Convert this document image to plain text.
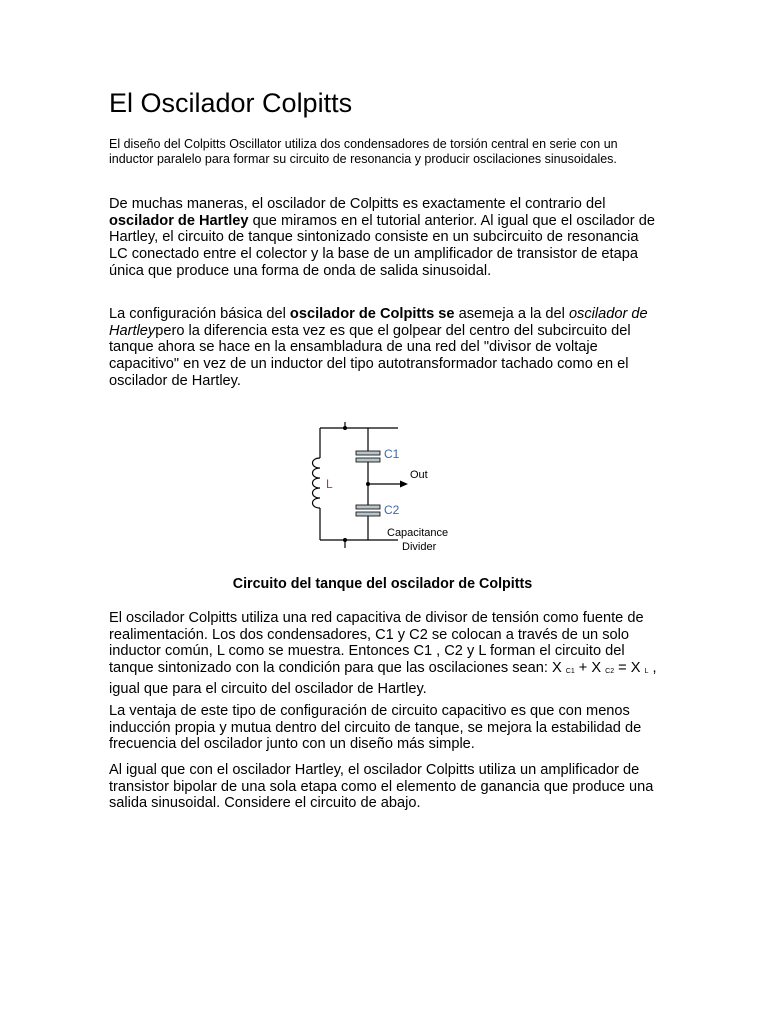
El Oscilador Colpitts

El diseño del Colpitts Oscillator utiliza dos condensadores de torsión central en serie con un inductor paralelo para formar su circuito de resonancia y producir oscilaciones sinusoidales.

De muchas maneras, el oscilador de Colpitts es exactamente el contrario del oscilador de Hartley que miramos en el tutorial anterior. Al igual que el oscilador de Hartley, el circuito de tanque sintonizado consiste en un subcircuito de resonancia LC conectado entre el colector y la base de un amplificador de transistor de etapa única que produce una forma de onda de salida sinusoidal.

La configuración básica del oscilador de Colpitts se asemeja a la del oscilador de Hartleypero la diferencia esta vez es que el golpear del centro del subcircuito del tanque ahora se hace en la ensambladura de una red del "divisor de voltaje capacitivo" en vez de un inductor del tipo autotransformador tachado como en el oscilador de Hartley.

Circuito del tanque del oscilador de Colpitts

El oscilador Colpitts utiliza una red capacitiva de divisor de tensión como fuente de realimentación. Los dos condensadores, C1 y C2 se colocan a través de un solo inductor común, L como se muestra. Entonces C1 , C2 y L forman el circuito del tanque sintonizado con la condición para que las oscilaciones sean: X C1 + X C2 = X L , igual que para el circuito del oscilador de Hartley.

La ventaja de este tipo de configuración de circuito capacitivo es que con menos inducción propia y mutua dentro del circuito de tanque, se mejora la estabilidad de frecuencia del oscilador junto con un diseño más simple.

Al igual que con el oscilador Hartley, el oscilador Colpitts utiliza un amplificador de transistor bipolar de una sola etapa como el elemento de ganancia que produce una salida sinusoidal. Considere el circuito de abajo.

C1
C2
L
Out
Capacitance
Divider
